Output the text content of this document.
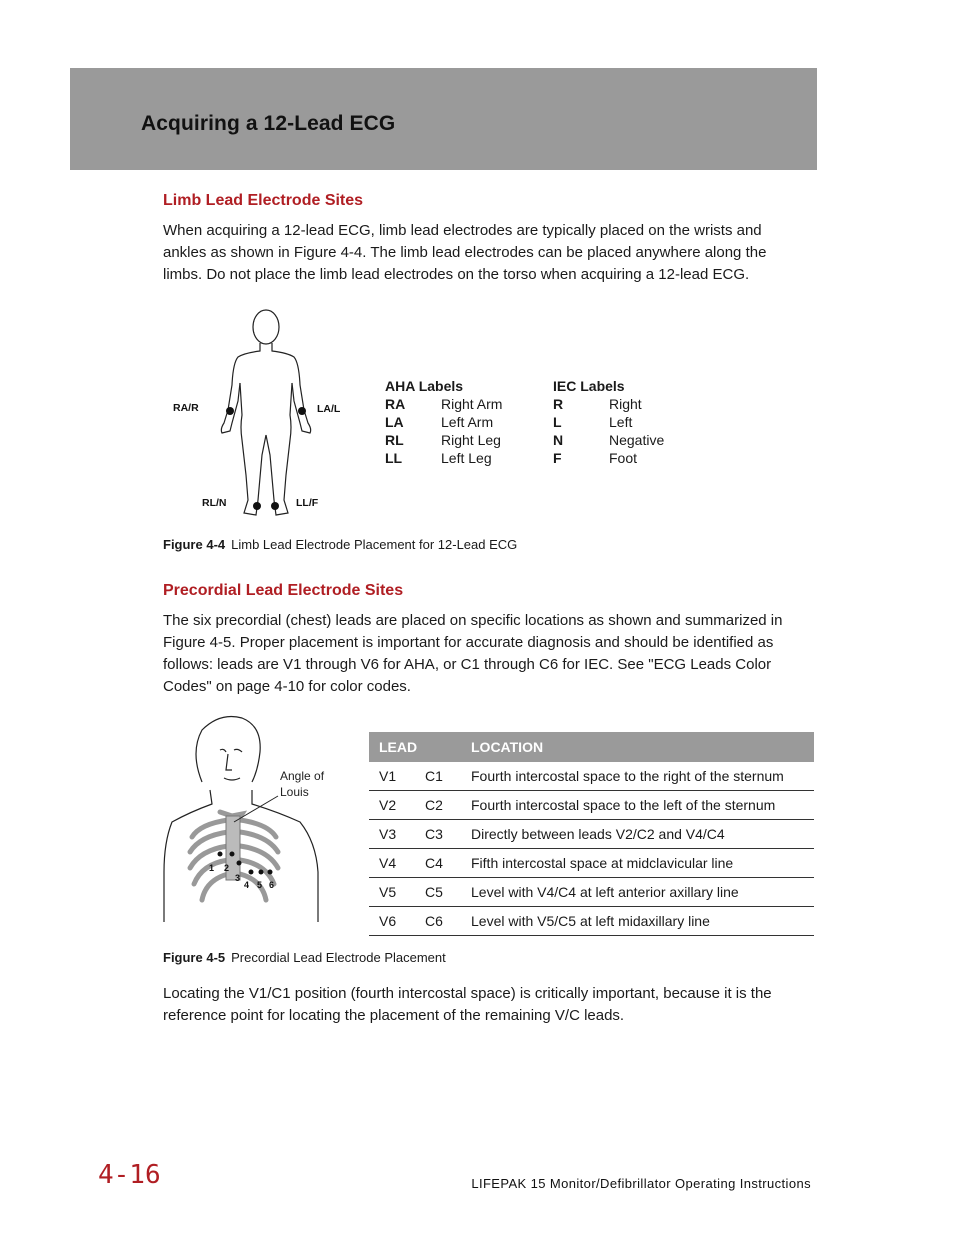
Acquiring a 12-Lead ECG
Limb Lead Electrode Sites

When acquiring a 12-lead ECG, limb lead electrodes are typically placed on the wrists and ankles as shown in Figure 4-4. The limb lead electrodes can be placed anywhere along the limbs. Do not place the limb lead electrodes on the torso when acquiring a 12-lead ECG.

RA/R	LA/L
RL/N	LL/F
AHA Labels
RA	Right Arm
LA	Left Arm
RL	Right Leg
LL	Left Leg
IEC Labels
R	Right
L	Left
N	Negative
F	Foot
Figure 4-4 Limb Lead Electrode Placement for 12-Lead ECG
Precordial Lead Electrode Sites

The six precordial (chest) leads are placed on specific locations as shown and summarized in Figure 4-5. Proper placement is important for accurate diagnosis and should be identified as follows: leads are V1 through V6 for AHA, or C1 through C6 for IEC. See "ECG Leads Color Codes" on page 4-10 for color codes.

1 2
3
4 5 6
Angle of
Louis
LEAD		LOCATION
V1	C1	Fourth intercostal space to the right of the sternum
V2	C2	Fourth intercostal space to the left of the sternum
V3	C3	Directly between leads V2/C2 and V4/C4
V4	C4	Fifth intercostal space at midclavicular line
V5	C5	Level with V4/C4 at left anterior axillary line
V6	C6	Level with V5/C5 at left midaxillary line
Figure 4-5 Precordial Lead Electrode Placement

Locating the V1/C1 position (fourth intercostal space) is critically important, because it is the reference point for locating the placement of the remaining V/C leads.

4-16	LIFEPAK 15 Monitor/Defibrillator Operating Instructions
